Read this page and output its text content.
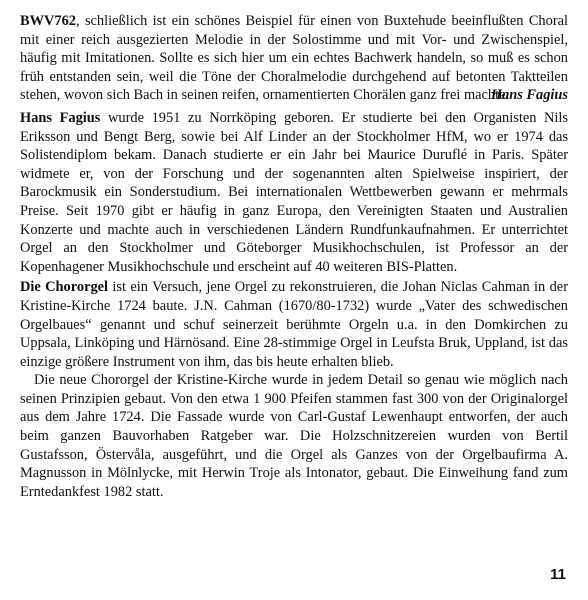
BWV762, schließlich ist ein schönes Beispiel für einen von Buxtehude beeinflußten Choral mit einer reich ausgezierten Melodie in der Solostimme und mit Vor- und Zwischenspiel, häufig mit Imitationen. Sollte es sich hier um ein echtes Bachwerk handeln, so muß es schon früh entstanden sein, weil die Töne der Choralmelodie durchgehend auf betonten Taktteilen stehen, wovon sich Bach in seinen reifen, ornamentierten Chorälen ganz frei machte.

Hans Fagius

Hans Fagius wurde 1951 zu Norrköping geboren. Er studierte bei den Organisten Nils Eriksson und Bengt Berg, sowie bei Alf Linder an der Stockholmer HfM, wo er 1974 das Solistendiplom bekam. Danach studierte er ein Jahr bei Maurice Duruflé in Paris. Später widmete er, von der Forschung und der sogenannten alten Spielweise inspiriert, der Barockmusik ein Sonderstudium. Bei internationalen Wettbewerben gewann er mehrmals Preise. Seit 1970 gibt er häufig in ganz Europa, den Vereinigten Staaten und Australien Konzerte und machte auch in verschiedenen Ländern Rundfunkaufnahmen. Er unterrichtet Orgel an den Stockholmer und Göteborger Musikhochschulen, ist Professor an der Kopenhagener Musikhochschule und erscheint auf 40 weiteren BIS-Platten.

Die Chororgel ist ein Versuch, jene Orgel zu rekonstruieren, die Johan Niclas Cahman in der Kristine-Kirche 1724 baute. J.N. Cahman (1670/80-1732) wurde „Vater des schwedischen Orgelbaues“ genannt und schuf seinerzeit berühmte Orgeln u.a. in den Domkirchen zu Uppsala, Linköping und Härnösand. Eine 28-stimmige Orgel in Leufsta Bruk, Uppland, ist das einzige größere Instrument von ihm, das bis heute erhalten blieb.

Die neue Chororgel der Kristine-Kirche wurde in jedem Detail so genau wie möglich nach seinen Prinzipien gebaut. Von den etwa 1 900 Pfeifen stammen fast 300 von der Originalorgel aus dem Jahre 1724. Die Fassade wurde von Carl-Gustaf Lewenhaupt entworfen, der auch beim ganzen Bauvorhaben Ratgeber war. Die Holzschnitzereien wurden von Bertil Gustafsson, Östervåla, ausgeführt, und die Orgel als Ganzes von der Orgelbaufirma A. Magnusson in Mölnlycke, mit Herwin Troje als Intonator, gebaut. Die Einweihung fand zum Erntedankfest 1982 statt.

11
